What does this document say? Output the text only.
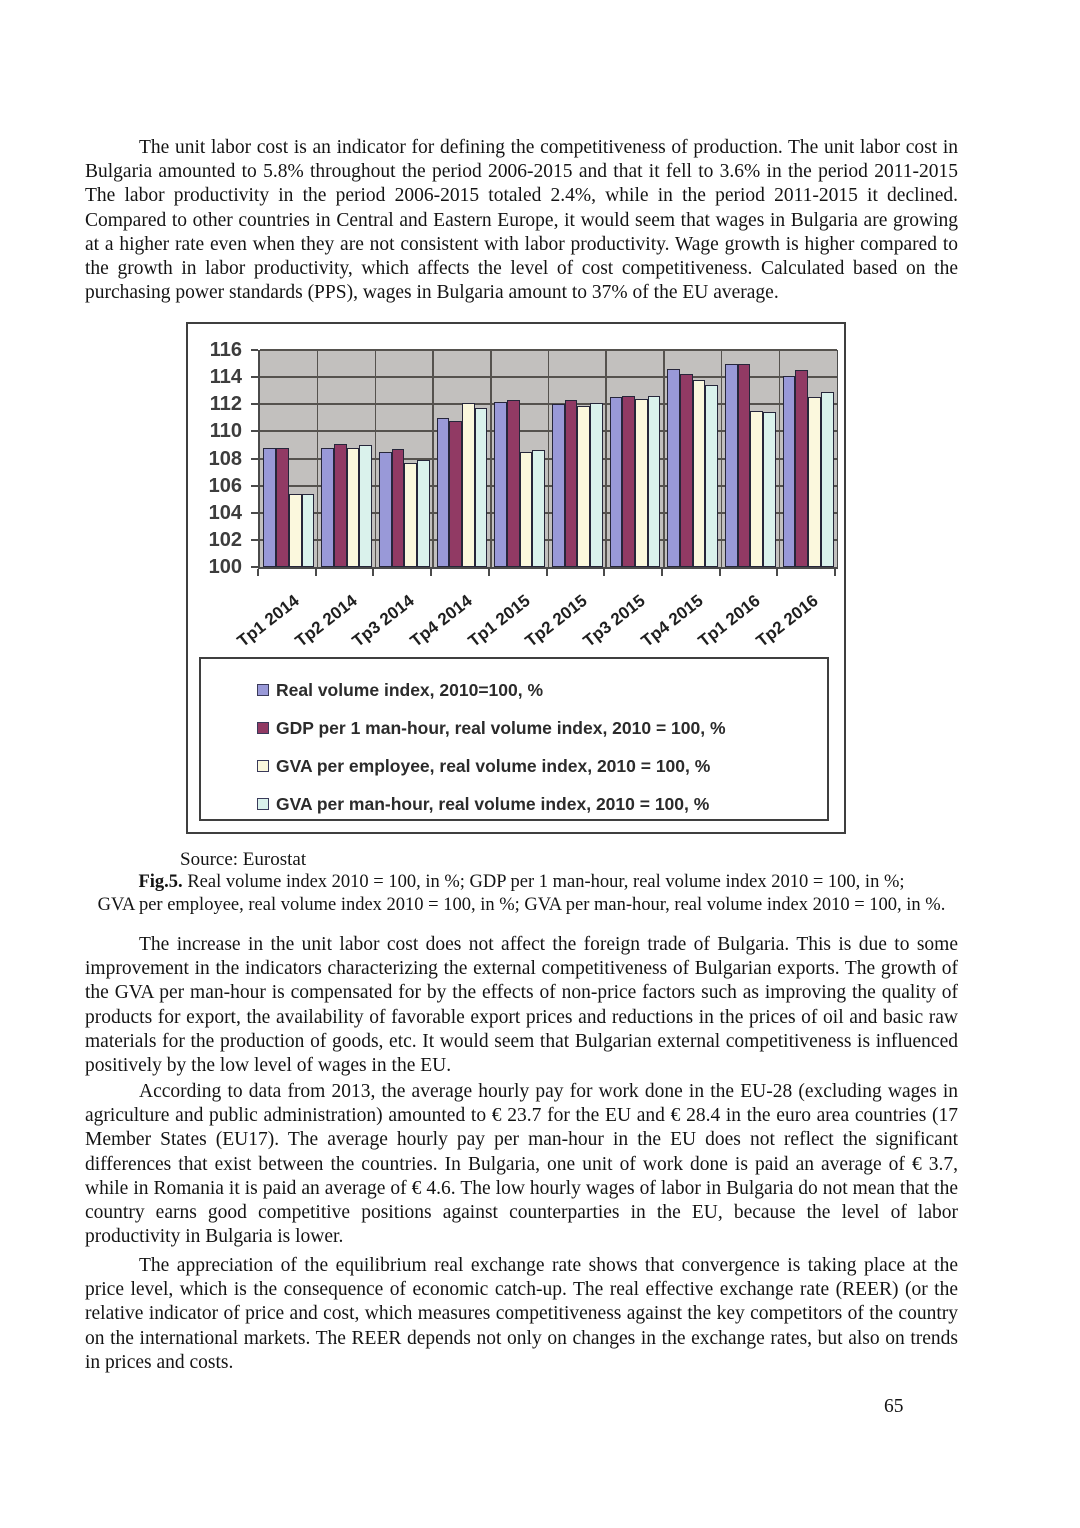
The unit labor cost is an indicator for defining the competitiveness of production. The unit labor cost in Bulgaria amounted to 5.8% throughout the period 2006-2015 and that it fell to 3.6% in the period 2011-2015 The labor productivity in the period 2006-2015 totaled 2.4%, while in the period 2011-2015 it declined. Compared to other countries in Central and Eastern Europe, it would seem that wages in Bulgaria are growing at a higher rate even when they are not consistent with labor productivity. Wage growth is higher compared to the growth in labor productivity, which affects the level of cost competitiveness. Calculated based on the purchasing power standards (PPS), wages in Bulgaria amount to 37% of the EU average.

100
102
104
106
108
110
112
114
116
Tp1 2014
Tp2 2014
Tp3 2014
Tp4 2014
Tp1 2015
Tp2 2015
Tp3 2015
Tp4 2015
Tp1 2016
Tp2 2016
Real volume index, 2010=100, %
GDP per 1 man-hour, real volume index, 2010 = 100, %
GVA per employee, real volume index, 2010 = 100, %
GVA per man-hour, real volume index, 2010 = 100, %

Source: Eurostat

Fig.5. Real volume index 2010 = 100, in %; GDP per 1 man-hour, real volume index 2010 = 100, in %;
GVA per employee, real volume index 2010 = 100, in %; GVA per man-hour, real volume index 2010 = 100, in %.

The increase in the unit labor cost does not affect the foreign trade of Bulgaria. This is due to some improvement in the indicators characterizing the external competitiveness of Bulgarian exports. The growth of the GVA per man-hour is compensated for by the effects of non-price factors such as improving the quality of products for export, the availability of favorable export prices and reductions in the prices of oil and basic raw materials for the production of goods, etc. It would seem that Bulgarian external competitiveness is influenced positively by the low level of wages in the EU.

According to data from 2013, the average hourly pay for work done in the EU-28 (excluding wages in agriculture and public administration) amounted to € 23.7 for the EU and € 28.4 in the euro area countries (17 Member States (EU17). The average hourly pay per man-hour in the EU does not reflect the significant differences that exist between the countries. In Bulgaria, one unit of work done is paid an average of € 3.7, while in Romania it is paid an average of € 4.6. The low hourly wages of labor in Bulgaria do not mean that the country earns good competitive positions against counterparties in the EU, because the level of labor productivity in Bulgaria is lower.

The appreciation of the equilibrium real exchange rate shows that convergence is taking place at the price level, which is the consequence of economic catch-up. The real effective exchange rate (REER) (or the relative indicator of price and cost, which measures competitiveness against the key competitors of the country on the international markets. The REER depends not only on changes in the exchange rates, but also on trends in prices and costs.

65
